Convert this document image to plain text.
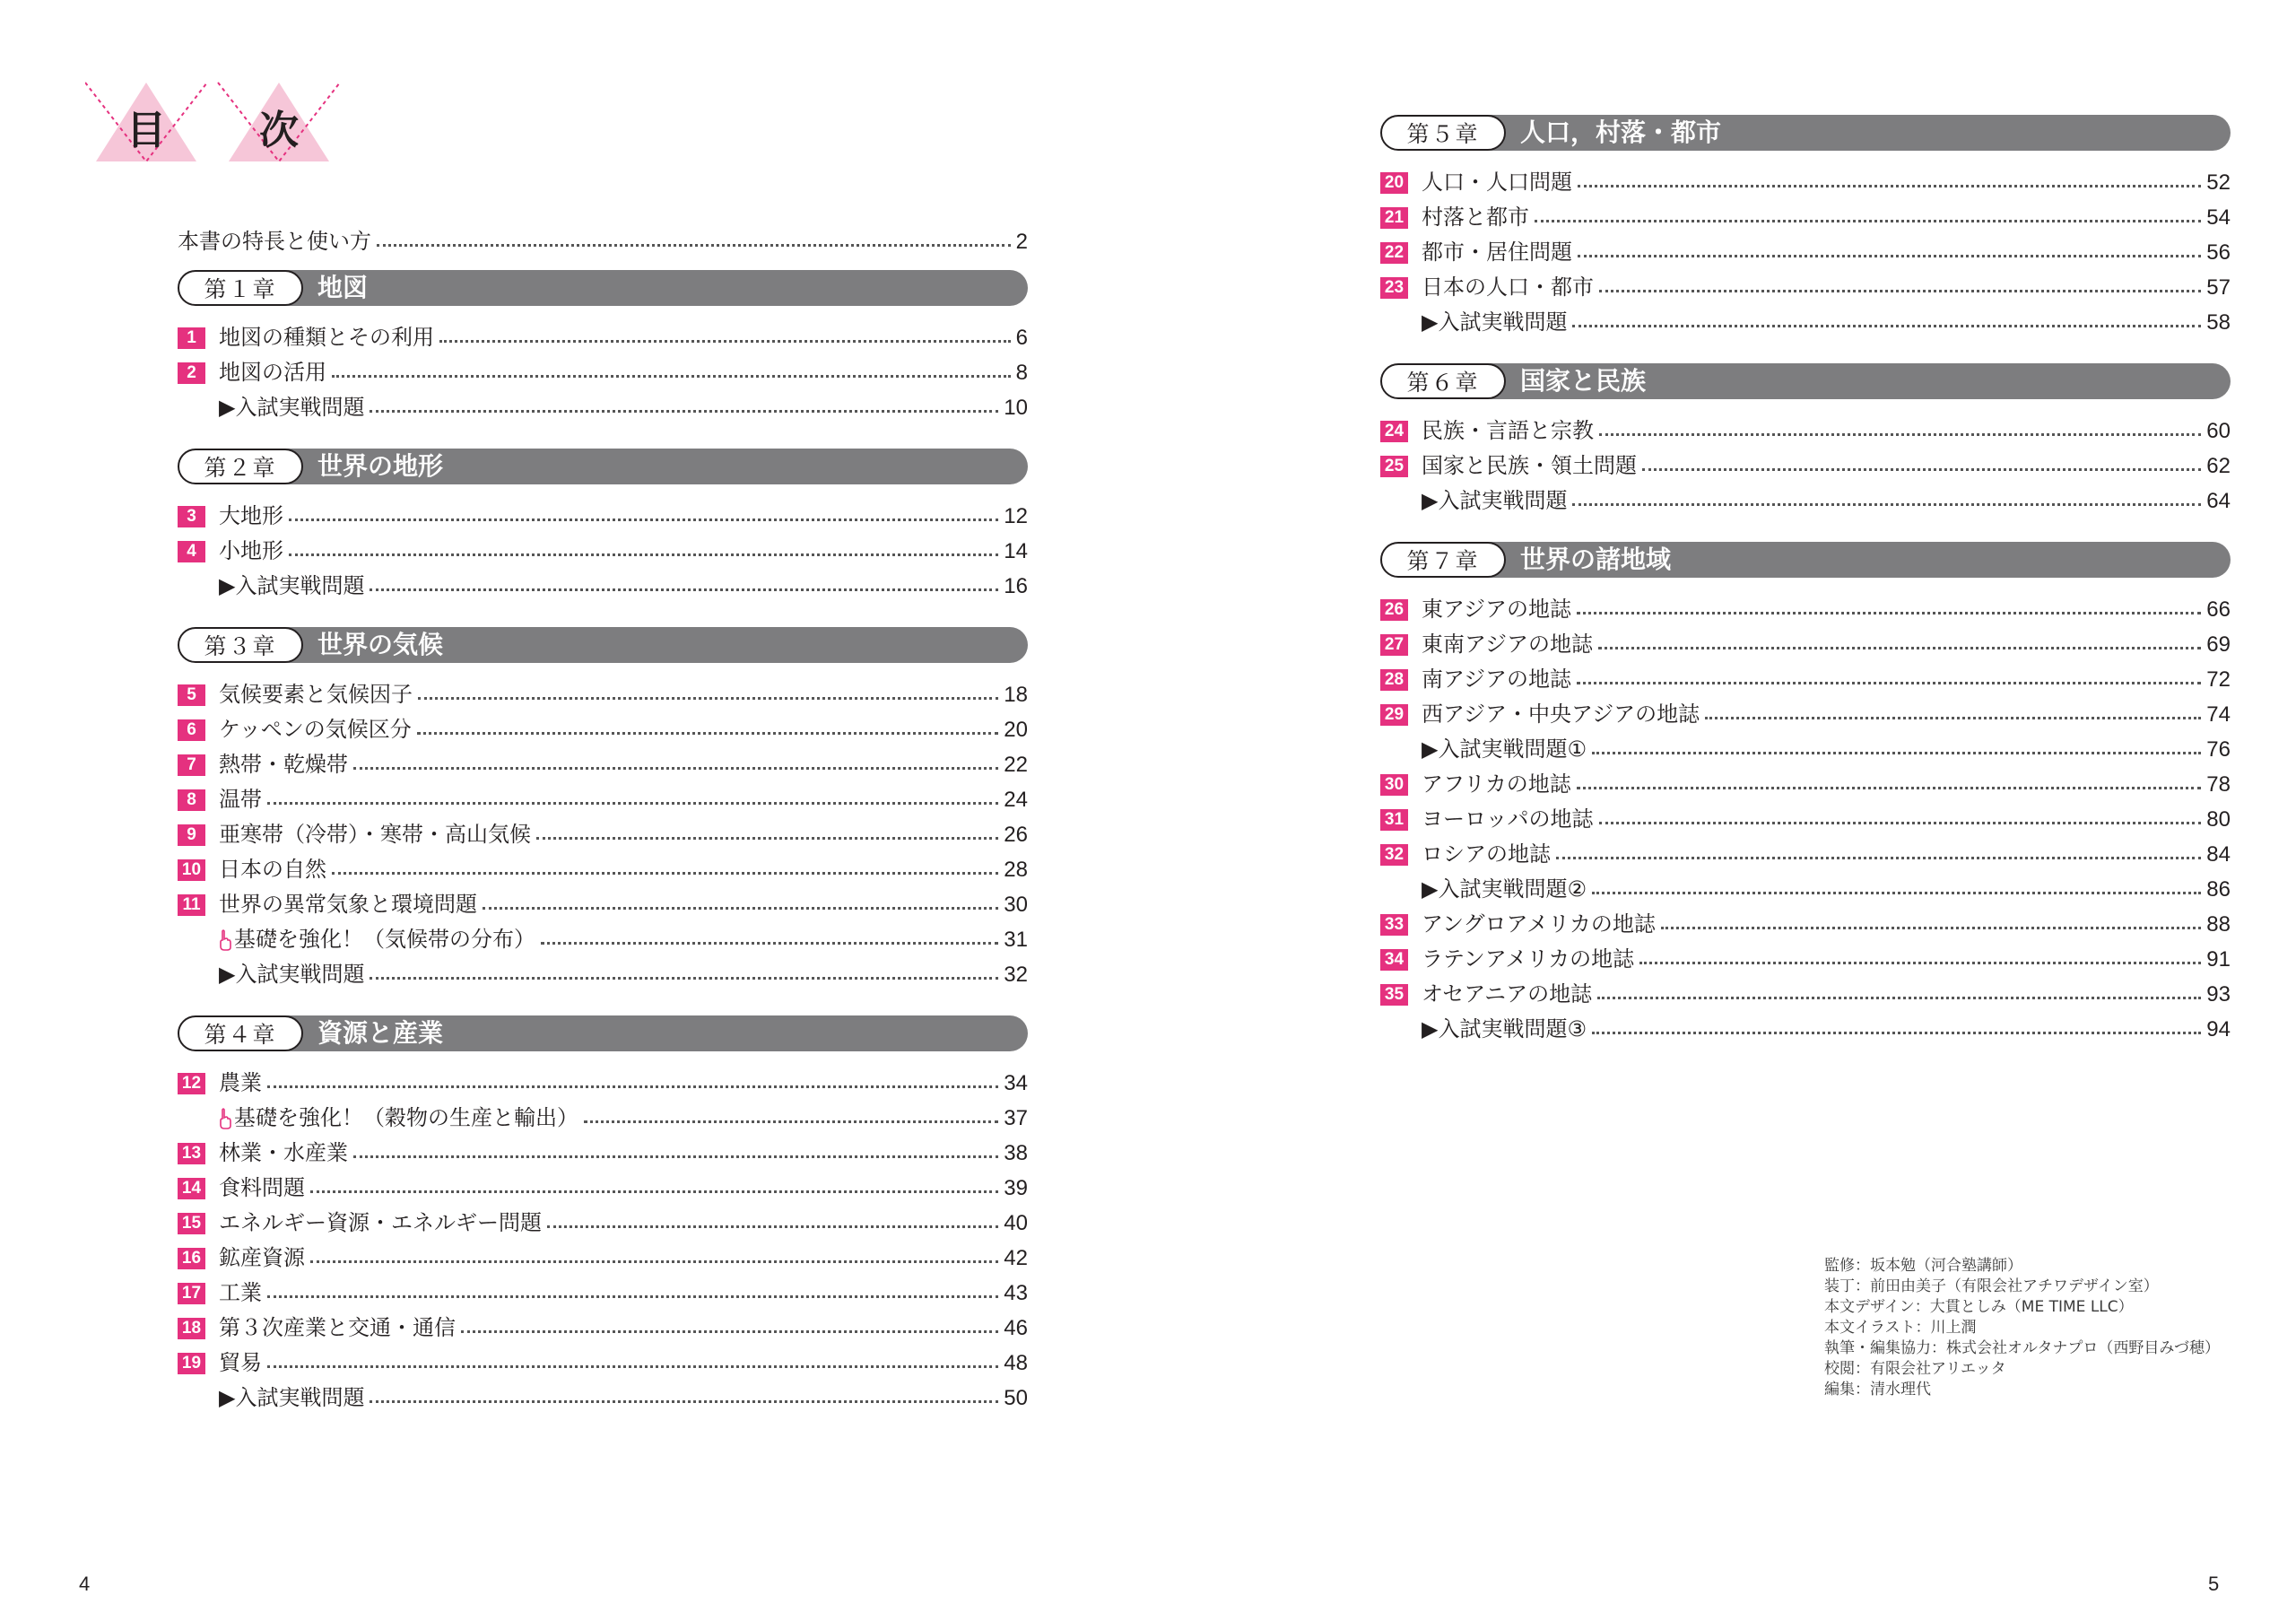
目 次
本書の特長と使い方	2
第１章	地図
1	地図の種類とその利用	6
2	地図の活用	8
▶入試実戦問題	10
第２章	世界の地形
3	大地形	12
4	小地形	14
▶入試実戦問題	16
第３章	世界の気候
5	気候要素と気候因子	18
6	ケッペンの気候区分	20
7	熱帯・乾燥帯	22
8	温帯	24
9	亜寒帯（冷帯）・寒帯・高山気候	26
10 日本の自然	28
11 世界の異常気象と環境問題	30
基礎を強化！（気候帯の分布）	31
▶入試実戦問題	32
第４章	資源と産業
12 農業	34
基礎を強化！（穀物の生産と輸出）	37
13 林業・水産業	38
14 食料問題	39
15 エネルギー資源・エネルギー問題	40
16 鉱産資源	42
17 工業	43
18 第３次産業と交通・通信	46
19 貿易	48
▶入試実戦問題	50
第５章	人口，村落・都市
20 人口・人口問題	52
21 村落と都市	54
22 都市・居住問題	56
23 日本の人口・都市	57
▶入試実戦問題	58
第６章	国家と民族
24 民族・言語と宗教	60
25 国家と民族・領土問題	62
▶入試実戦問題	64
第７章	世界の諸地域
26 東アジアの地誌	66
27 東南アジアの地誌	69
28 南アジアの地誌	72
29 西アジア・中央アジアの地誌	74
▶入試実戦問題①	76
30 アフリカの地誌	78
31 ヨーロッパの地誌	80
32 ロシアの地誌	84
▶入試実戦問題②	86
33 アングロアメリカの地誌	88
34 ラテンアメリカの地誌	91
35 オセアニアの地誌	93
▶入試実戦問題③	94
監修：坂本勉（河合塾講師）
装丁：前田由美子（有限会社アチワデザイン室）
本文デザイン：大貫としみ（ME TIME LLC）
本文イラスト：川上潤
執筆・編集協力：株式会社オルタナプロ（西野目みづ穂）
校閲：有限会社アリエッタ
編集：清水理代
4	5
